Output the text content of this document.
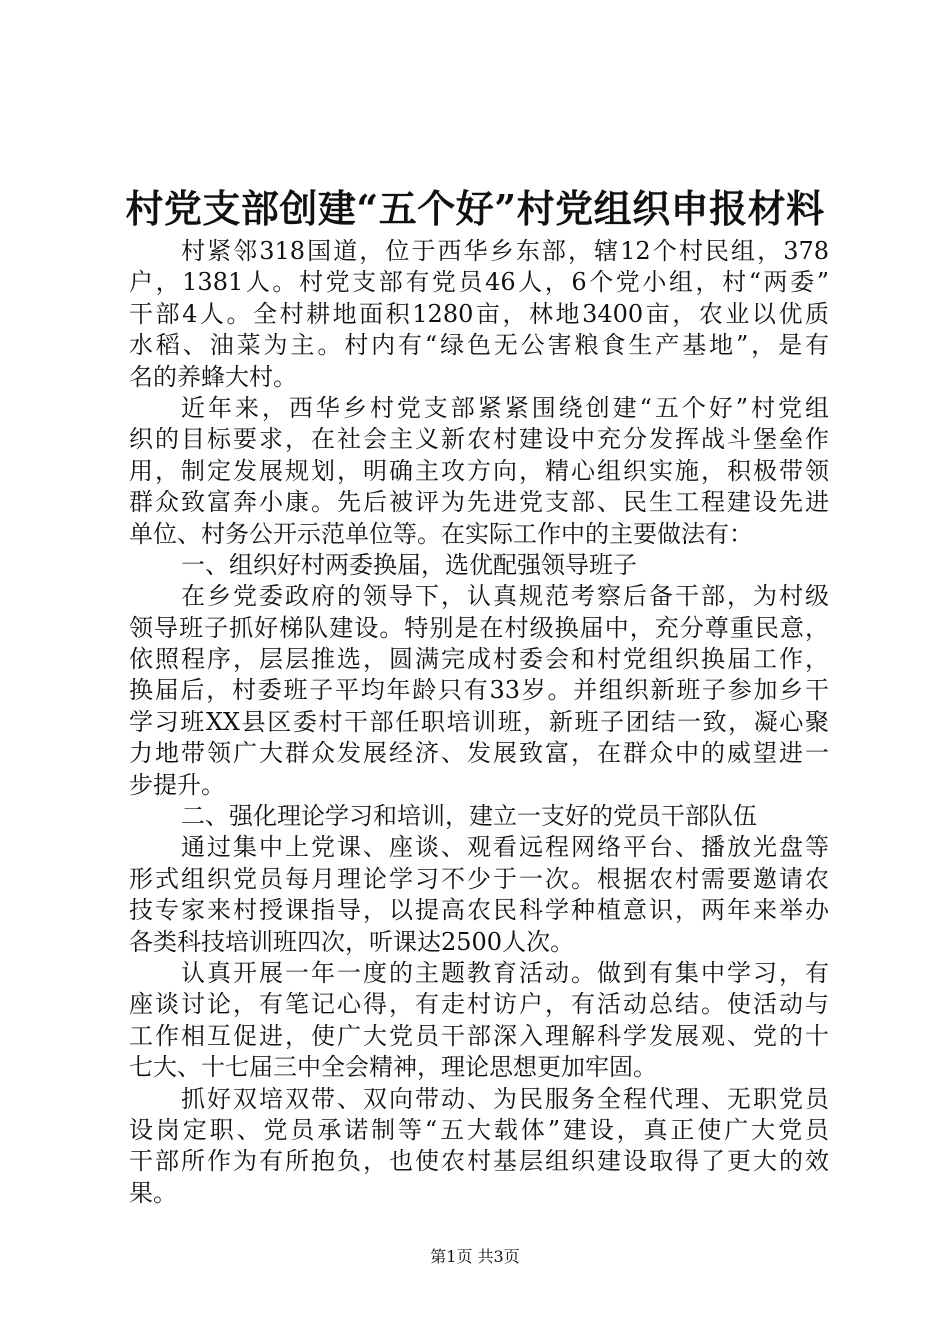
村党支部创建“五个好”村党组织申报材料
村紧邻318国道，位于西华乡东部，辖12个村民组，378
户，1381人。村党支部有党员46人，6个党小组，村“两委”
干部4人。全村耕地面积1280亩，林地3400亩，农业以优质
水稻、油菜为主。村内有“绿色无公害粮食生产基地”，是有
名的养蜂大村。
近年来，西华乡村党支部紧紧围绕创建“五个好”村党组
织的目标要求，在社会主义新农村建设中充分发挥战斗堡垒作
用，制定发展规划，明确主攻方向，精心组织实施，积极带领
群众致富奔小康。先后被评为先进党支部、民生工程建设先进
单位、村务公开示范单位等。在实际工作中的主要做法有：
一、组织好村两委换届，选优配强领导班子
在乡党委政府的领导下，认真规范考察后备干部，为村级
领导班子抓好梯队建设。特别是在村级换届中，充分尊重民意，
依照程序，层层推选，圆满完成村委会和村党组织换届工作，
换届后，村委班子平均年龄只有33岁。并组织新班子参加乡干
学习班XX县区委村干部任职培训班，新班子团结一致，凝心聚
力地带领广大群众发展经济、发展致富，在群众中的威望进一
步提升。
二、强化理论学习和培训，建立一支好的党员干部队伍
通过集中上党课、座谈、观看远程网络平台、播放光盘等
形式组织党员每月理论学习不少于一次。根据农村需要邀请农
技专家来村授课指导，以提高农民科学种植意识，两年来举办
各类科技培训班四次，听课达2500人次。
认真开展一年一度的主题教育活动。做到有集中学习，有
座谈讨论，有笔记心得，有走村访户，有活动总结。使活动与
工作相互促进，使广大党员干部深入理解科学发展观、党的十
七大、十七届三中全会精神，理论思想更加牢固。
抓好双培双带、双向带动、为民服务全程代理、无职党员
设岗定职、党员承诺制等“五大载体”建设，真正使广大党员
干部所作为有所抱负，也使农村基层组织建设取得了更大的效
果。
第1页 共3页
